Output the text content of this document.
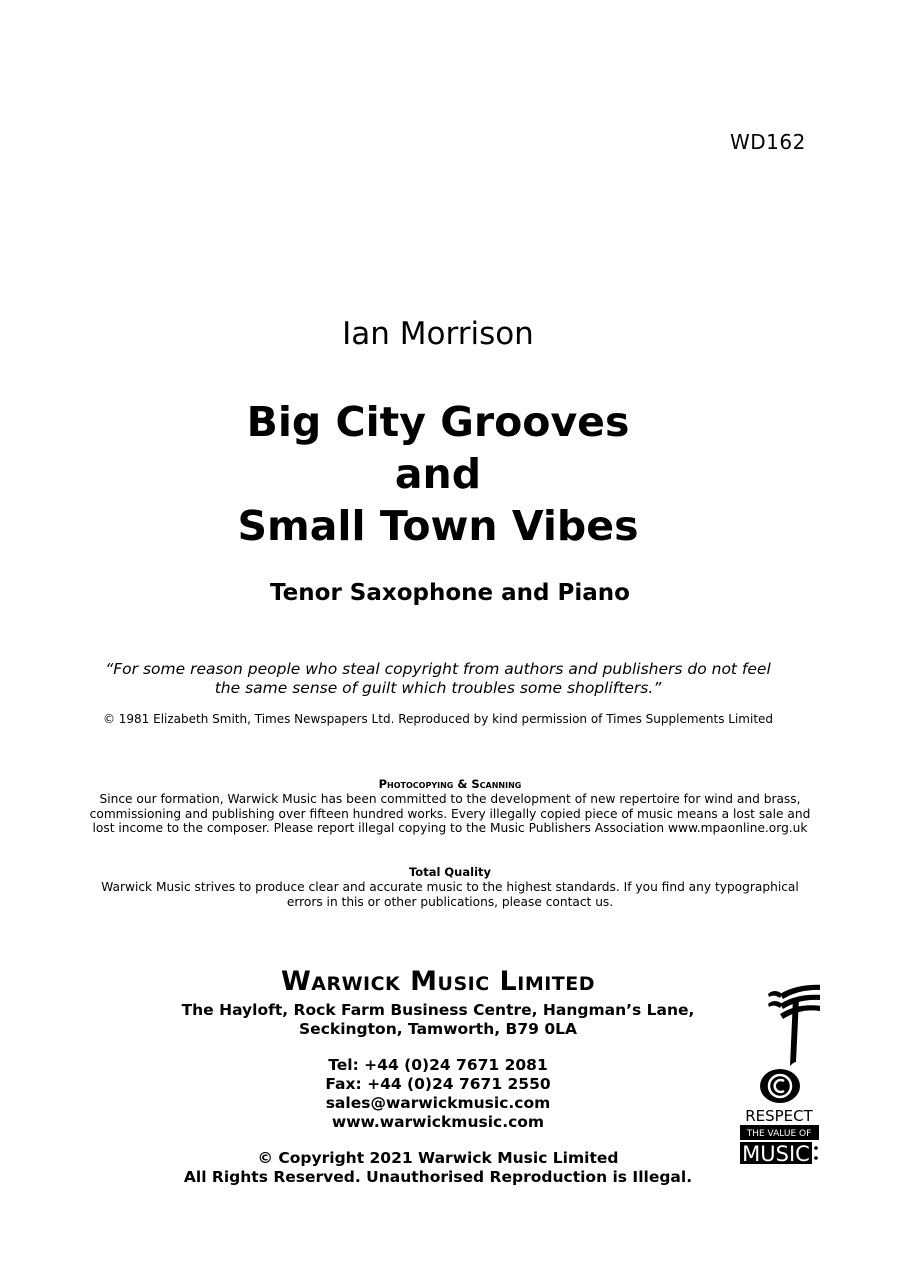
WD162
Ian Morrison
Big City Grooves
and
Small Town Vibes
Tenor Saxophone and Piano
“For some reason people who steal copyright from authors and publishers do not feel
the same sense of guilt which troubles some shoplifters.”
© 1981 Elizabeth Smith, Times Newspapers Ltd. Reproduced by kind permission of Times Supplements Limited
Photocopying & Scanning
Since our formation, Warwick Music has been committed to the development of new repertoire for wind and brass,
commissioning and publishing over fifteen hundred works. Every illegally copied piece of music means a lost sale and
lost income to the composer. Please report illegal copying to the Music Publishers Association www.mpaonline.org.uk
Total Quality
Warwick Music strives to produce clear and accurate music to the highest standards. If you find any typographical
errors in this or other publications, please contact us.
Warwick Music Limited
The Hayloft, Rock Farm Business Centre, Hangman’s Lane,
Seckington, Tamworth, B79 0LA
Tel: +44 (0)24 7671 2081
Fax: +44 (0)24 7671 2550
sales@warwickmusic.com
www.warwickmusic.com
© Copyright 2021 Warwick Music Limited
All Rights Reserved. Unauthorised Reproduction is Illegal.
RESPECT
THE VALUE OF
MUSIC
